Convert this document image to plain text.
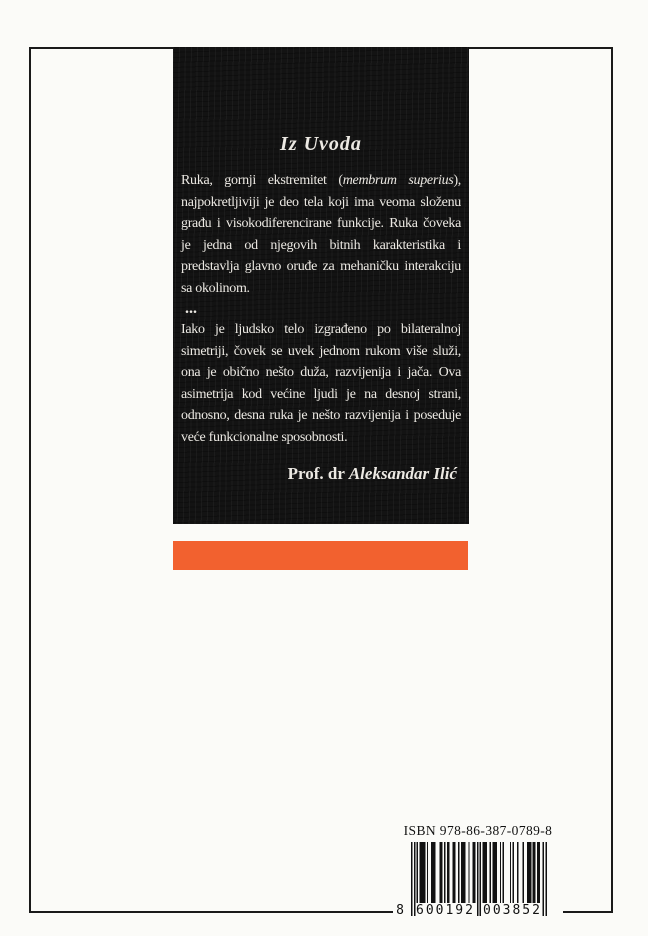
Iz Uvoda

Ruka, gornji ekstremitet (membrum superius), najpokretljiviji je deo tela koji ima veoma složenu građu i visokodiferencirane funkcije. Ruka čoveka je jedna od njegovih bitnih karakteristika i predstavlja glavno oruđe za mehaničku interakciju sa okolinom.

...

Iako je ljudsko telo izgrađeno po bilateralnoj simetriji, čovek se uvek jednom rukom više služi, ona je obično nešto duža, razvijenija i jača. Ova asimetrija kod većine ljudi je na desnoj strani, odnosno, desna ruka je nešto razvijenija i poseduje veće funkcionalne sposobnosti.

Prof. dr Aleksandar Ilić

ISBN 978-86-387-0789-8

8 600192 003852
